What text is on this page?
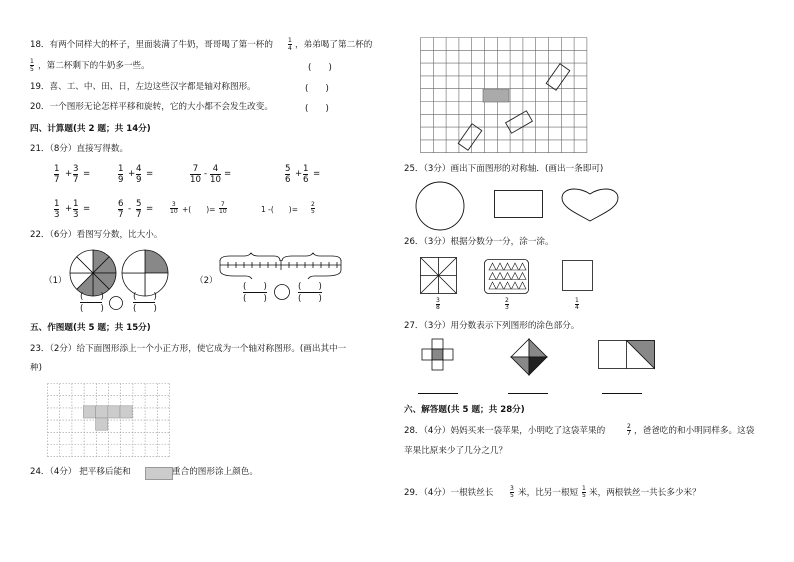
18．有两个同样大的杯子，里面装满了牛奶，哥哥喝了第一杯的	1
4 ，弟弟喝了第二杯的
1
5 ，第二杯剩下的牛奶多一些。	(　　)
19．喜、工、中、田、日，左边这些汉字都是轴对称图形。	(　　)
20．一个图形无论怎样平移和旋转，它的大小都不会发生改变。	(　　)
四、计算题(共 2 题；共 14分)
21．（8分）直接写得数。
1
7
+ 3
7
=	1
9
+ 4
9
=	7
10
- 4
10
=	5
6
+ 1
6
=
1
3
+ 1
3
=	6
7
- 5
7
=	3
10 +(　　)=
7
10	1 -(　　)=
2
5
22．（6分）看图写分数，比大小。
（1）
(　　)
(　　)
(　　)
(　　)
（2）
(　　)
(　　)
(　　)
(　　)
五、作图题(共 5 题；共 15分)
23．（2分）给下面图形添上一个小正方形，使它成为一个轴对称图形。(画出其中一
种)
24．（4分） 把平移后能和	重合的图形涂上颜色。
25．（3分）画出下面图形的对称轴．(画出一条即可)
26．（3分）根据分数分一分，涂一涂。
3
8
2
3
1
4
27．（3分）用分数表示下列图形的涂色部分。
六、解答题(共 5 题；共 28分)
28．（4分）妈妈买来一袋苹果，小明吃了这袋苹果的	2
7 ，爸爸吃的和小明同样多。这袋
苹果比原来少了几分之几？
29．（4分）一根铁丝长	3
5 米，比另一根短 1
5 米，两根铁丝一共长多少米？
